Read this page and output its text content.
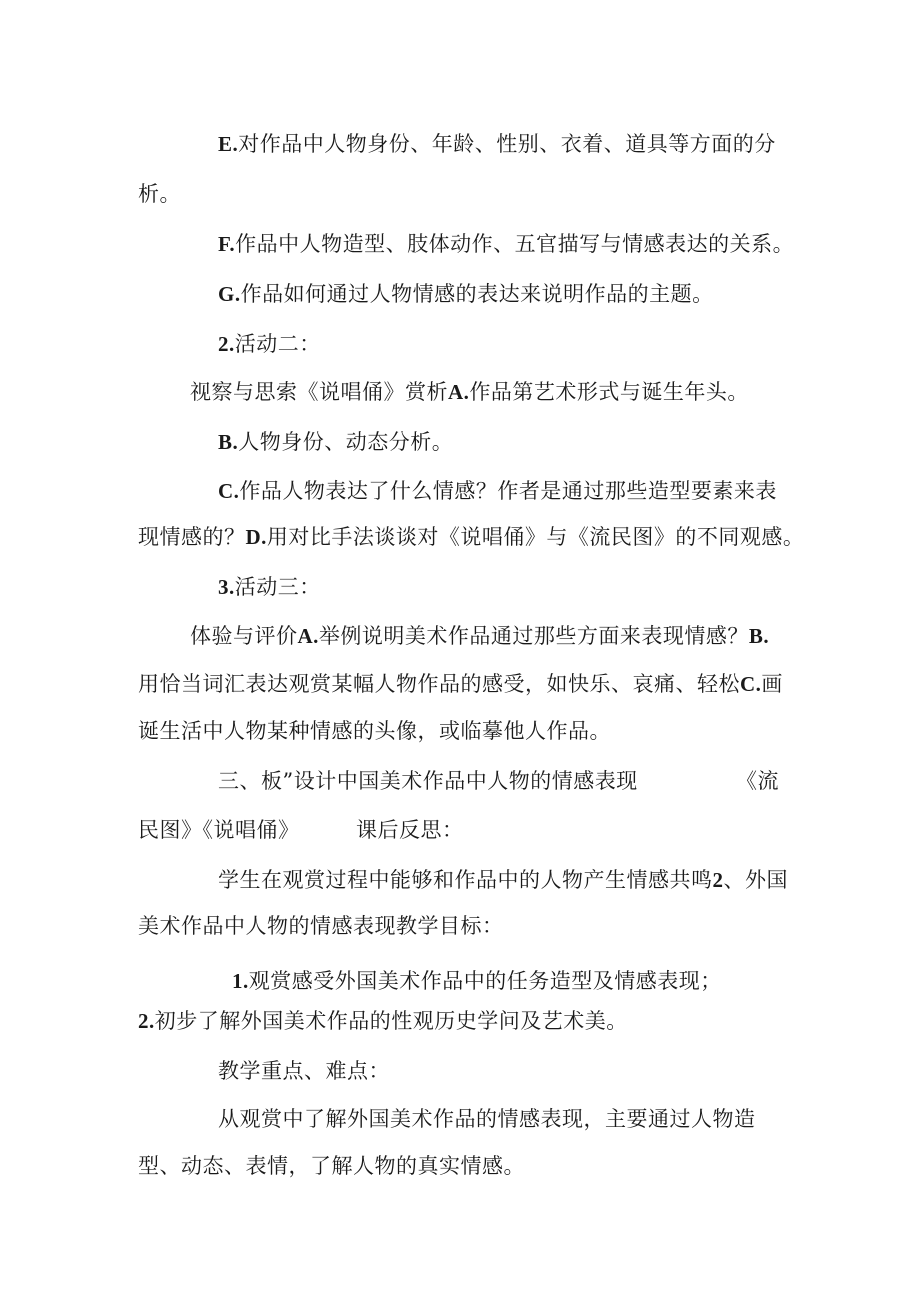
E.对作品中人物身份、年龄、性别、衣着、道具等方面的分
析。
F.作品中人物造型、肢体动作、五官描写与情感表达的关系。
G.作品如何通过人物情感的表达来说明作品的主题。
2.活动二：
视察与思索《说唱俑》赏析A.作品第艺术形式与诞生年头。
B.人物身份、动态分析。
C.作品人物表达了什么情感？作者是通过那些造型要素来表
现情感的？D.用对比手法谈谈对《说唱俑》与《流民图》的不同观感。
3.活动三：
体验与评价A.举例说明美术作品通过那些方面来表现情感？B.
用恰当词汇表达观赏某幅人物作品的感受，如快乐、哀痛、轻松C.画
诞生活中人物某种情感的头像，或临摹他人作品。
三、板”设计中国美术作品中人物的情感表现	《流
民图》《说唱俑》	课后反思：
学生在观赏过程中能够和作品中的人物产生情感共鸣2、外国
美术作品中人物的情感表现教学目标：
1.观赏感受外国美术作品中的任务造型及情感表现；
2.初步了解外国美术作品的性观历史学问及艺术美。
教学重点、难点：
从观赏中了解外国美术作品的情感表现，主要通过人物造
型、动态、表情，了解人物的真实情感。
